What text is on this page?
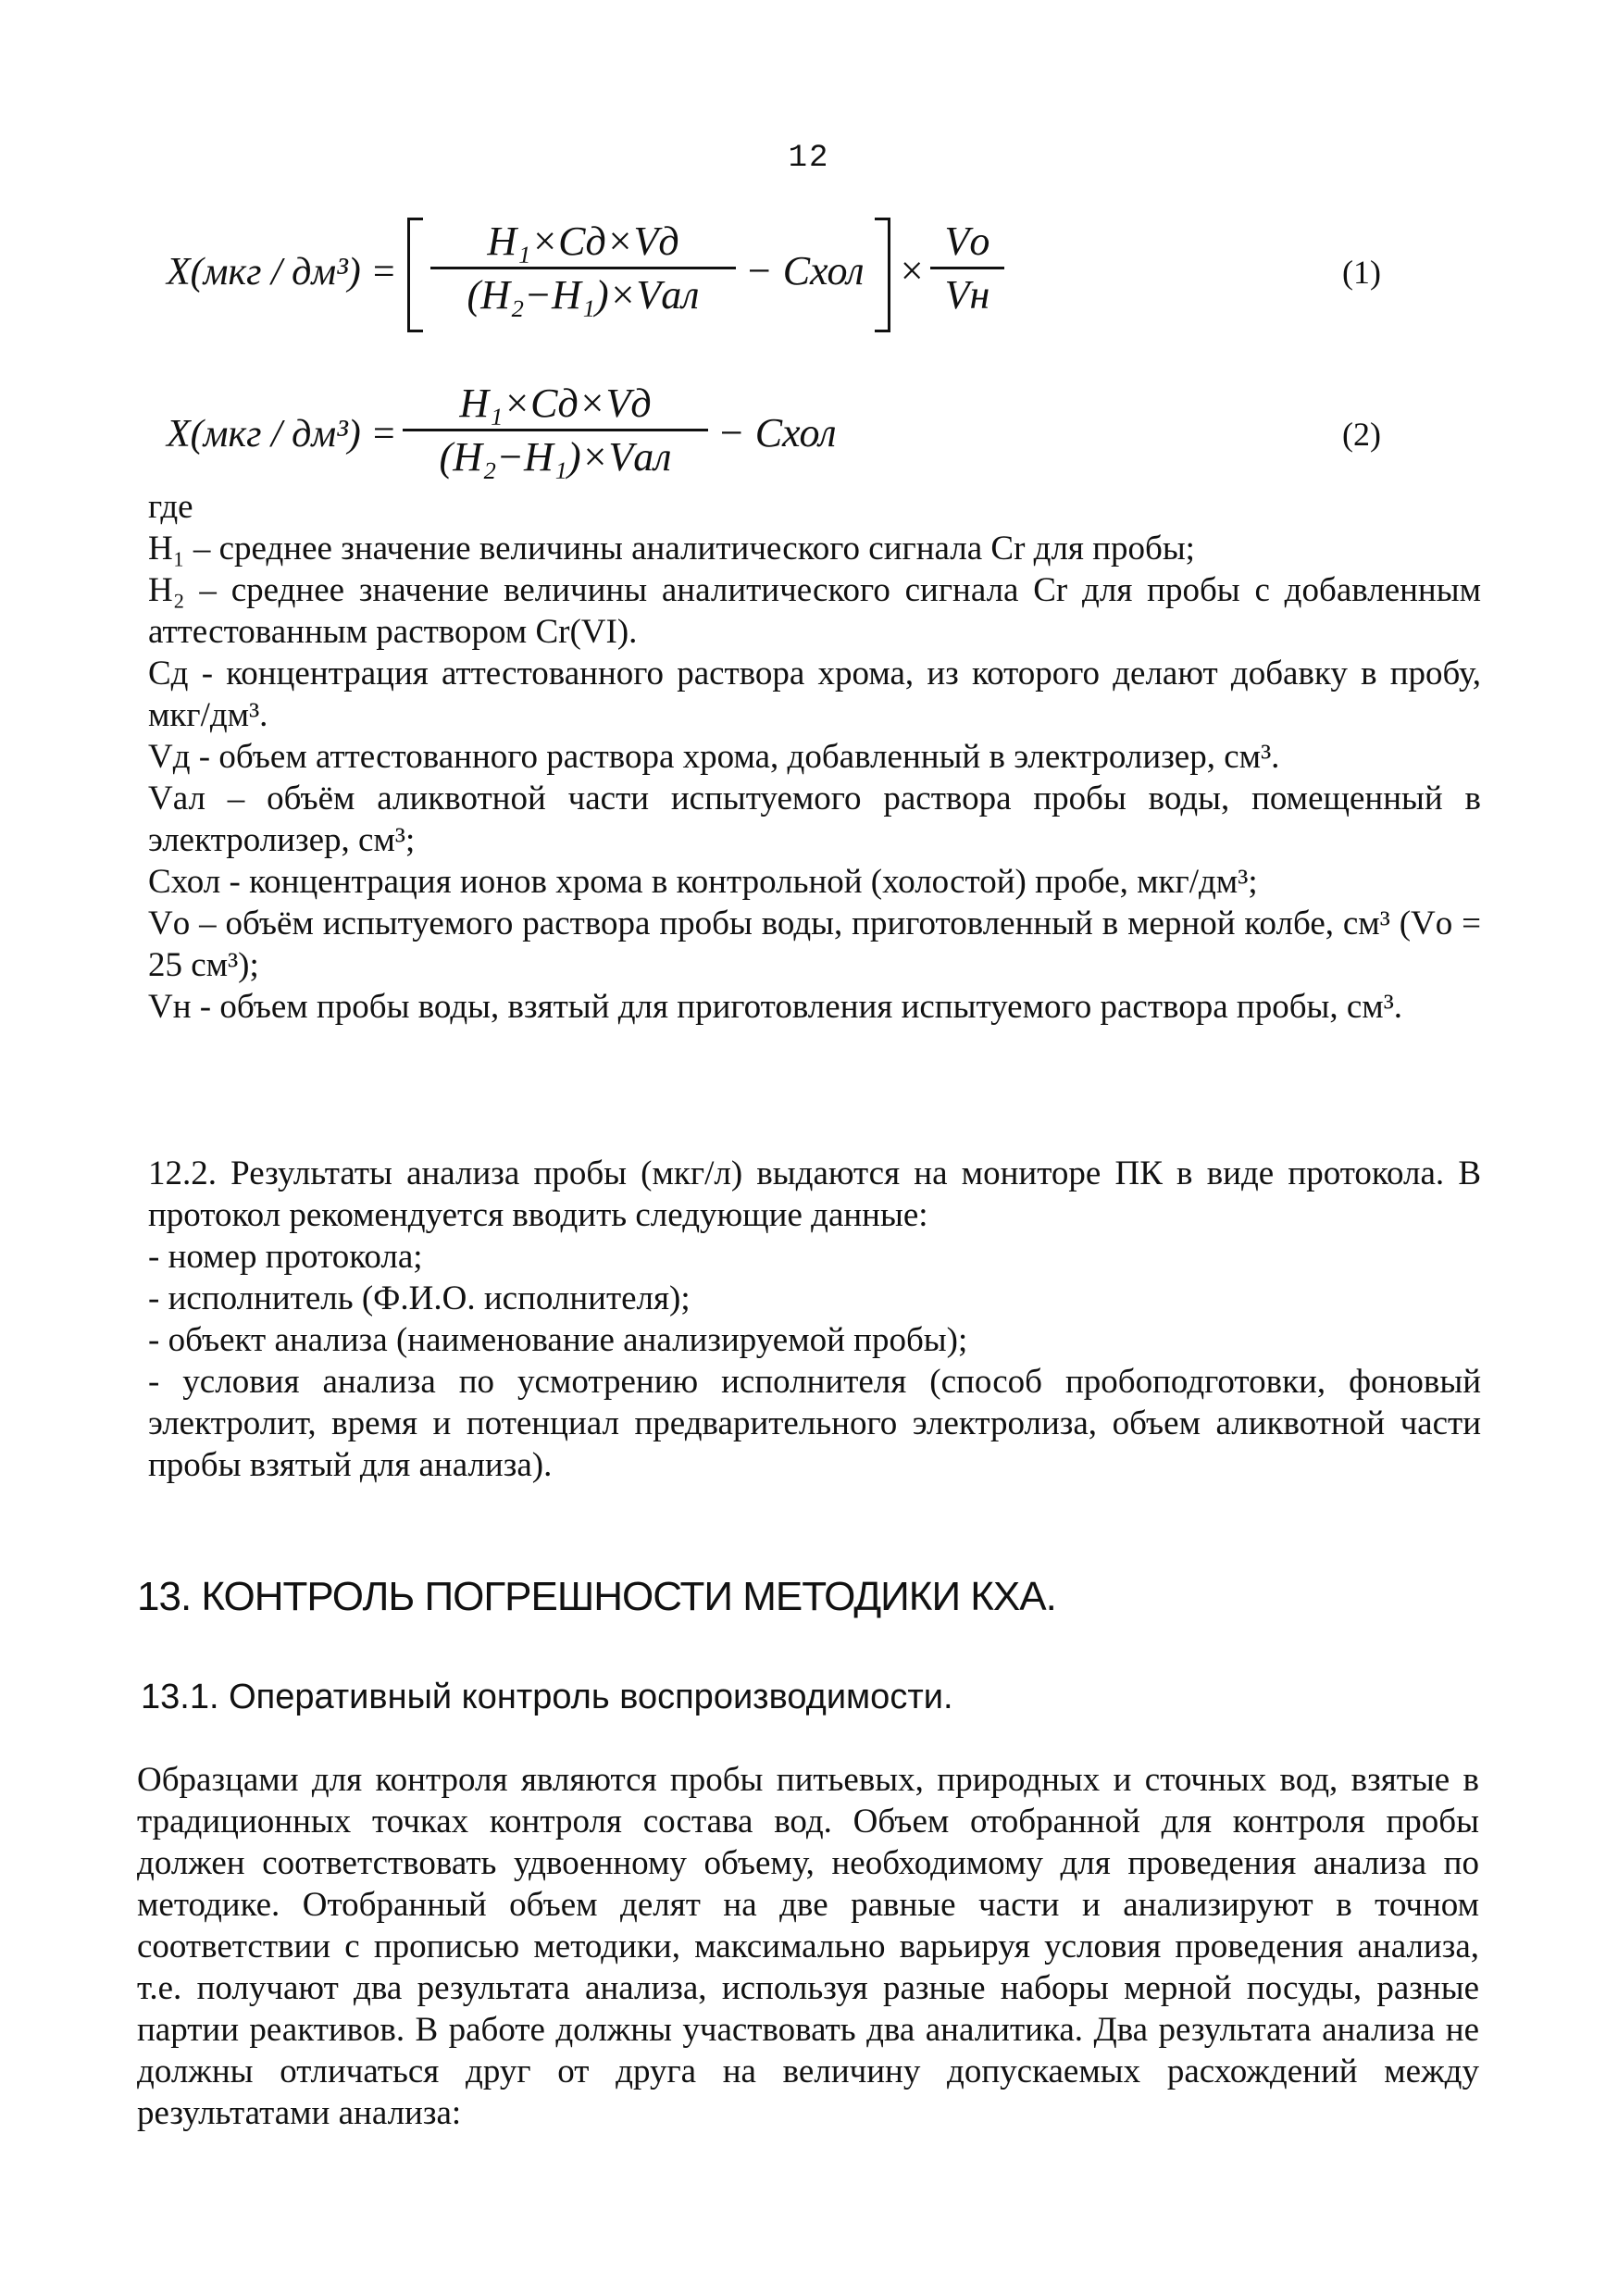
12
X(мкг / дм³) =
H₁×Cд×Vд
(H₂−H₁)×Vал
− Cхол ×
Vо
Vн	(1)
X(мкг / дм³) =
H₁×Cд×Vд
(H₂−H₁)×Vал
− Cхол	(2)

где

H₁ – среднее значение величины аналитического сигнала Cr для пробы;

H₂ – среднее значение величины аналитического сигнала Cr для пробы с добавленным аттестованным раствором Cr(VI).

Cд - концентрация аттестованного раствора хрома, из которого делают добавку в пробу, мкг/дм³.

Vд - объем аттестованного раствора хрома, добавленный в электролизер, см³.

Vал – объём аликвотной части испытуемого раствора пробы воды, помещенный в электролизер, см³;

Cхол - концентрация ионов хрома в контрольной (холостой) пробе, мкг/дм³;

Vо – объём испытуемого раствора пробы воды, приготовленный в мерной колбе, см³ (Vо = 25 см³);

Vн - объем пробы воды, взятый для приготовления испытуемого раствора пробы, см³.

12.2. Результаты анализа пробы (мкг/л) выдаются на мониторе ПК в виде протокола. В протокол рекомендуется вводить следующие данные:

- номер протокола;

- исполнитель (Ф.И.О. исполнителя);

- объект анализа (наименование анализируемой пробы);

- условия анализа по усмотрению исполнителя (способ пробоподготовки, фоновый электролит, время и потенциал предварительного электролиза, объем аликвотной части пробы взятый для анализа).

13. КОНТРОЛЬ ПОГРЕШНОСТИ МЕТОДИКИ КХА.
13.1. Оперативный контроль воспроизводимости.
Образцами для контроля являются пробы питьевых, природных и сточных вод, взятые в традиционных точках контроля состава вод. Объем отобранной для контроля пробы должен соответствовать удвоенному объему, необходимому для проведения анализа по методике. Отобранный объем делят на две равные части и анализируют в точном соответствии с прописью методики, максимально варьируя условия проведения анализа, т.е. получают два результата анализа, используя разные наборы мерной посуды, разные партии реактивов. В работе должны участвовать два аналитика. Два результата анализа не должны отличаться друг от друга на величину допускаемых расхождений между результатами анализа:
